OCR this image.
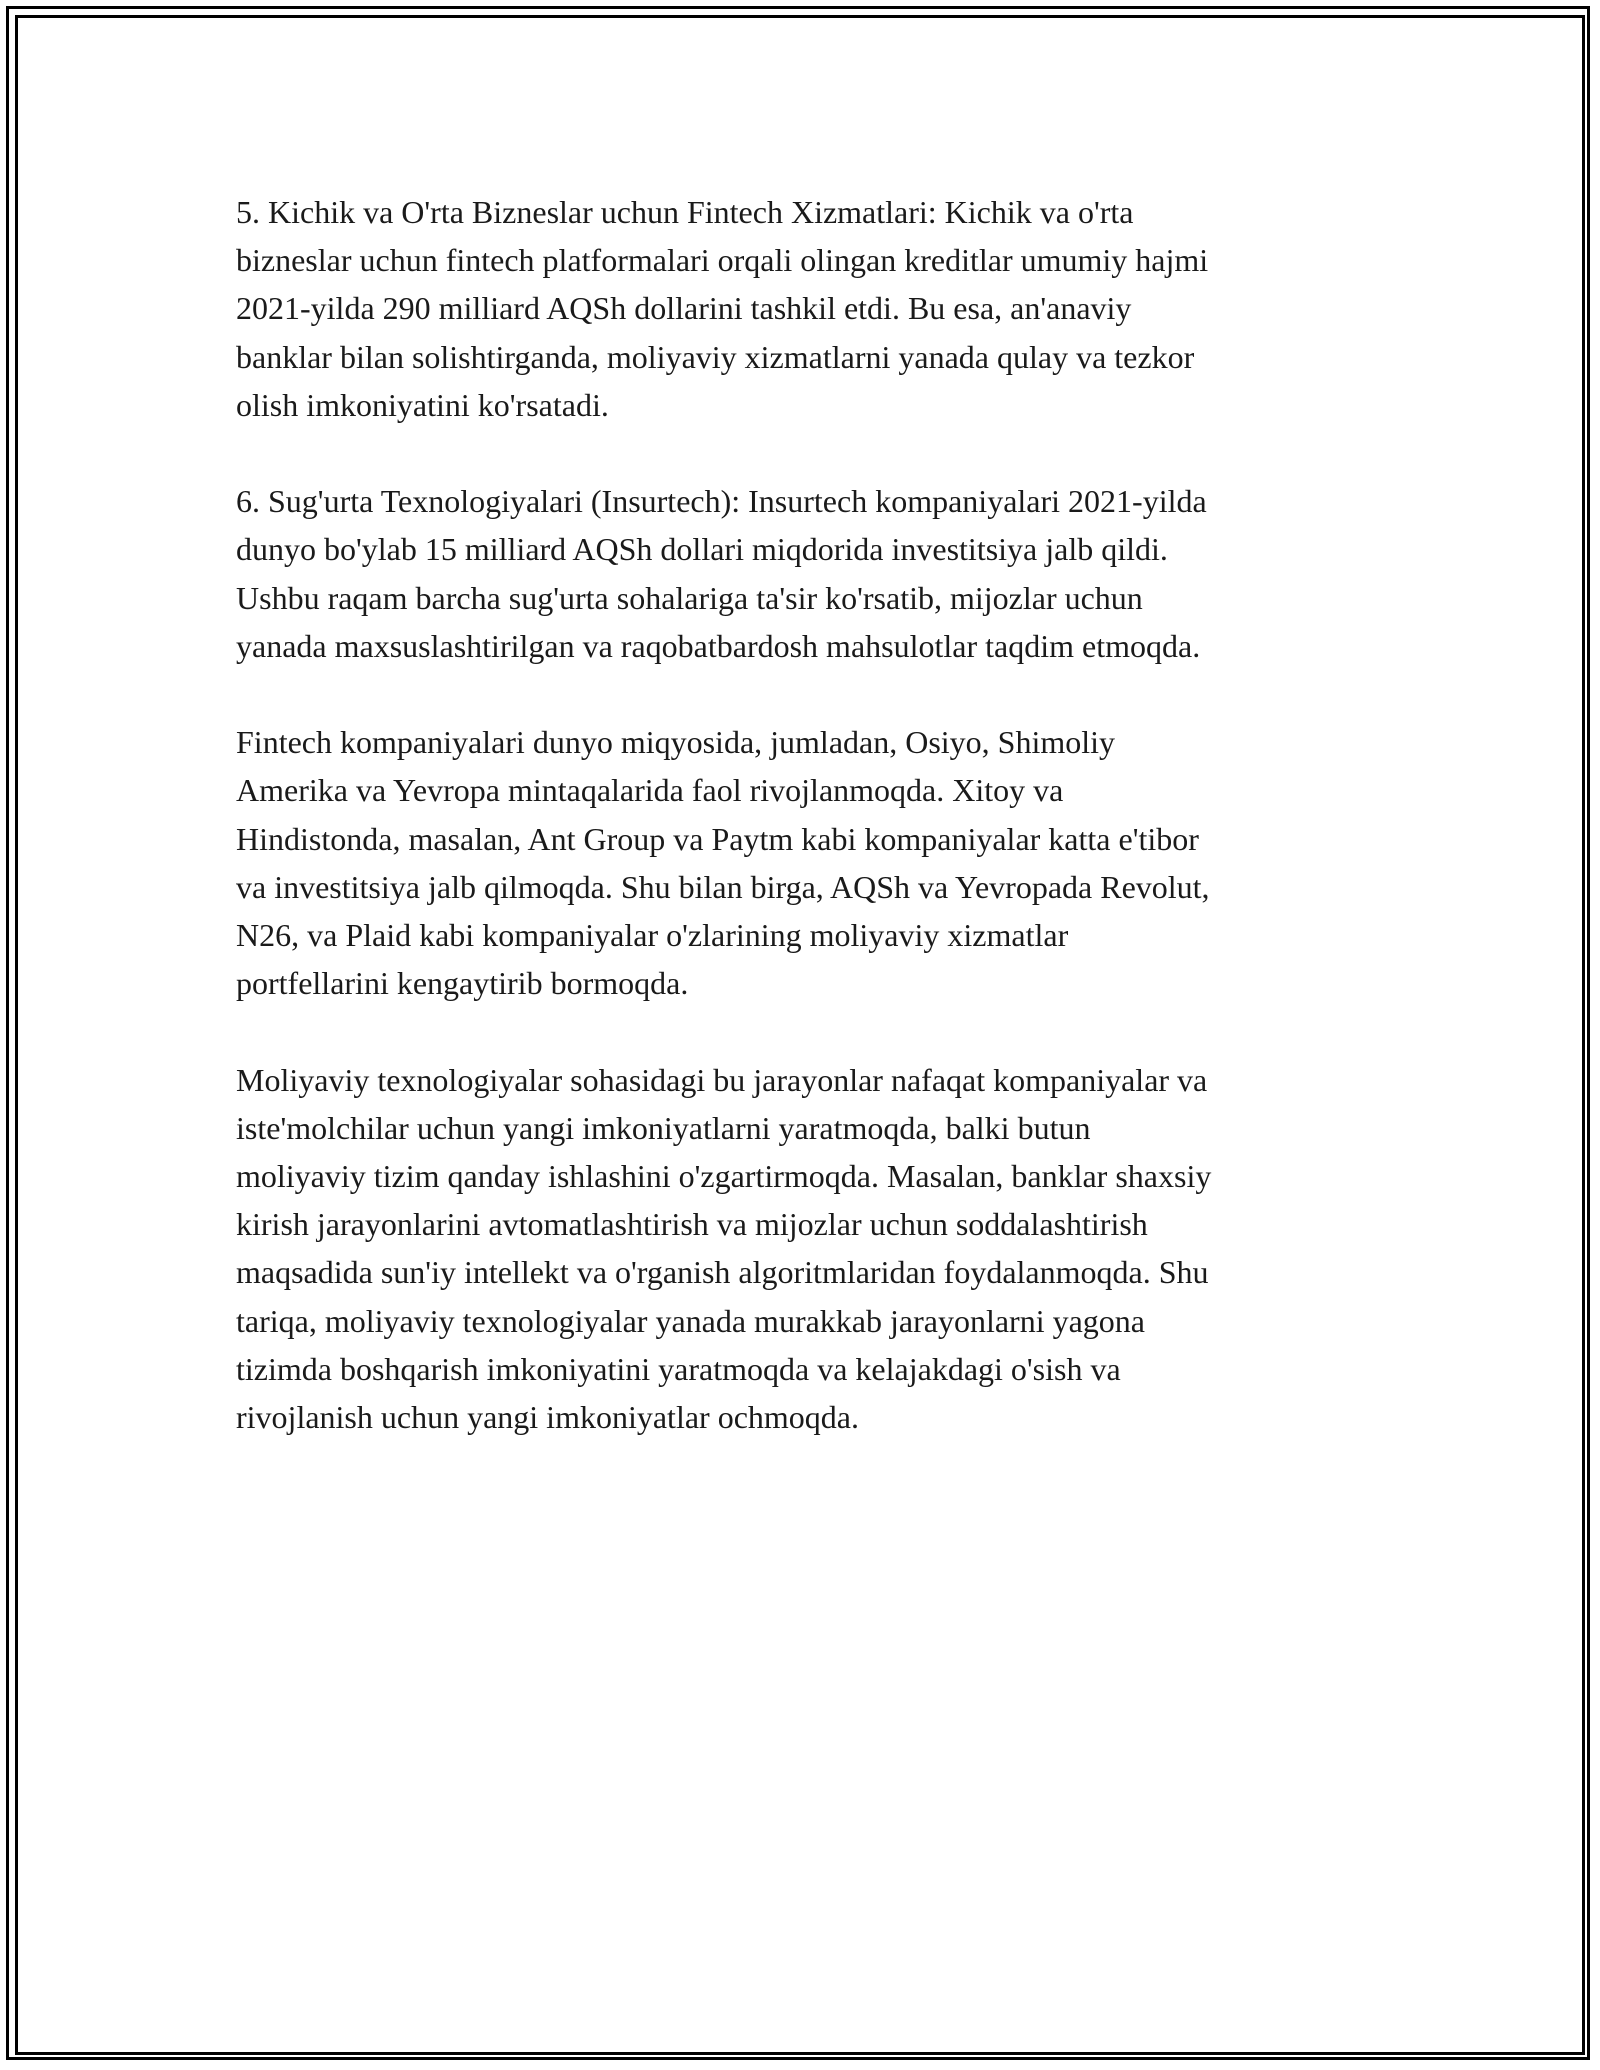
5. Kichik va O'rta Bizneslar uchun Fintech Xizmatlari: Kichik va o'rta
bizneslar uchun fintech platformalari orqali olingan kreditlar umumiy hajmi
2021-yilda 290 milliard AQSh dollarini tashkil etdi. Bu esa, an'anaviy
banklar bilan solishtirganda, moliyaviy xizmatlarni yanada qulay va tezkor
olish imkoniyatini ko'rsatadi.

6. Sug'urta Texnologiyalari (Insurtech): Insurtech kompaniyalari 2021-yilda
dunyo bo'ylab 15 milliard AQSh dollari miqdorida investitsiya jalb qildi.
Ushbu raqam barcha sug'urta sohalariga ta'sir ko'rsatib, mijozlar uchun
yanada maxsuslashtirilgan va raqobatbardosh mahsulotlar taqdim etmoqda.

Fintech kompaniyalari dunyo miqyosida, jumladan, Osiyo, Shimoliy
Amerika va Yevropa mintaqalarida faol rivojlanmoqda. Xitoy va
Hindistonda, masalan, Ant Group va Paytm kabi kompaniyalar katta e'tibor
va investitsiya jalb qilmoqda. Shu bilan birga, AQSh va Yevropada Revolut,
N26, va Plaid kabi kompaniyalar o'zlarining moliyaviy xizmatlar
portfellarini kengaytirib bormoqda.

Moliyaviy texnologiyalar sohasidagi bu jarayonlar nafaqat kompaniyalar va
iste'molchilar uchun yangi imkoniyatlarni yaratmoqda, balki butun
moliyaviy tizim qanday ishlashini o'zgartirmoqda. Masalan, banklar shaxsiy
kirish jarayonlarini avtomatlashtirish va mijozlar uchun soddalashtirish
maqsadida sun'iy intellekt va o'rganish algoritmlaridan foydalanmoqda. Shu
tariqa, moliyaviy texnologiyalar yanada murakkab jarayonlarni yagona
tizimda boshqarish imkoniyatini yaratmoqda va kelajakdagi o'sish va
rivojlanish uchun yangi imkoniyatlar ochmoqda.
